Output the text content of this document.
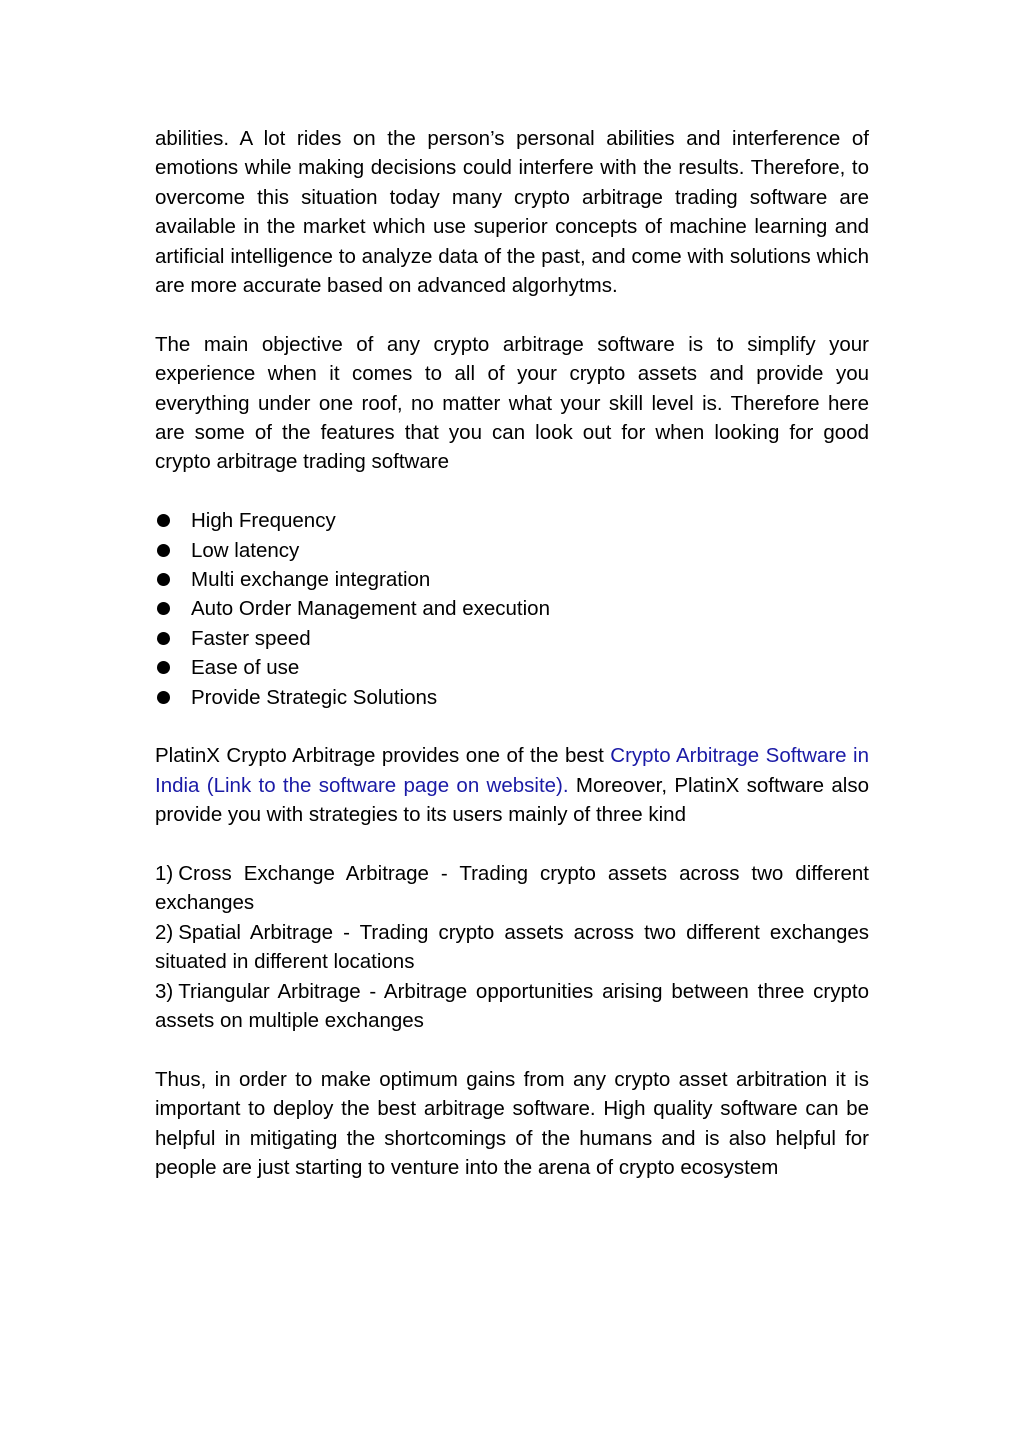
abilities. A lot rides on the person’s personal abilities and interference of emotions while making decisions could interfere with the results. Therefore, to overcome this situation today many crypto arbitrage trading software are available in the market which use superior concepts of machine learning and artificial intelligence to analyze data of the past, and come with solutions which are more accurate based on advanced algorhytms.

The main objective of any crypto arbitrage software is to simplify your experience when it comes to all of your crypto assets and provide you everything under one roof, no matter what your skill level is. Therefore here are some of the features that you can look out for when looking for good crypto arbitrage trading software

High Frequency
Low latency
Multi exchange integration
Auto Order Management and execution
Faster speed
Ease of use
Provide Strategic Solutions

PlatinX Crypto Arbitrage provides one of the best Crypto Arbitrage Software in India (Link to the software page on website). Moreover, PlatinX software also provide you with strategies to its users mainly of three kind

1) Cross Exchange Arbitrage - Trading crypto assets across two different exchanges

2) Spatial Arbitrage - Trading crypto assets across two different exchanges situated in different locations

3) Triangular Arbitrage - Arbitrage opportunities arising between three crypto assets on multiple exchanges

Thus, in order to make optimum gains from any crypto asset arbitration it is important to deploy the best arbitrage software. High quality software can be helpful in mitigating the shortcomings of the humans and is also helpful for people are just starting to venture into the arena of crypto ecosystem
